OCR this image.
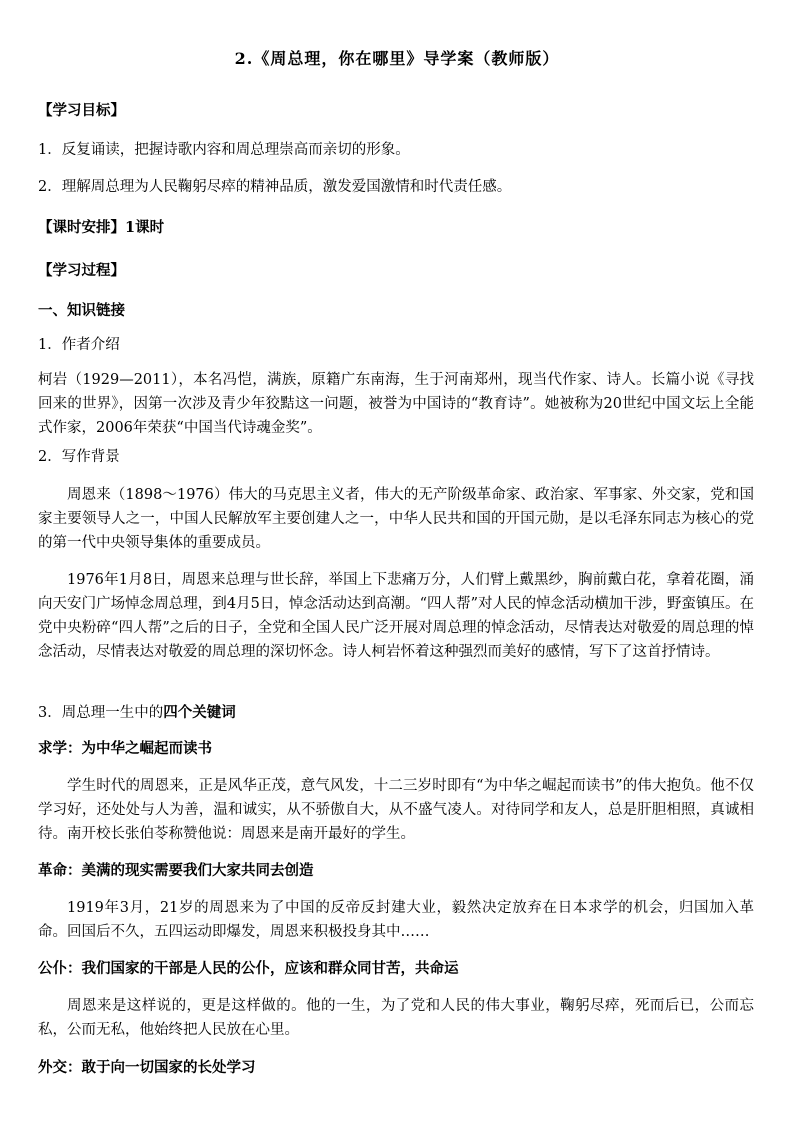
2.《周总理，你在哪里》导学案（教师版）
【学习目标】
1．反复诵读，把握诗歌内容和周总理崇高而亲切的形象。
2．理解周总理为人民鞠躬尽瘁的精神品质，激发爱国激情和时代责任感。
【课时安排】1课时
【学习过程】
一、知识链接
1．作者介绍
柯岩（1929—2011），本名冯恺，满族，原籍广东南海，生于河南郑州，现当代作家、诗人。长篇小说《寻找回来的世界》，因第一次涉及青少年狡黠这一问题，被誉为中国诗的“教育诗”。她被称为20世纪中国文坛上全能式作家，2006年荣获“中国当代诗魂金奖”。
2．写作背景
周恩来（1898～1976）伟大的马克思主义者，伟大的无产阶级革命家、政治家、军事家、外交家，党和国家主要领导人之一，中国人民解放军主要创建人之一，中华人民共和国的开国元勋，是以毛泽东同志为核心的党的第一代中央领导集体的重要成员。
1976年1月8日，周恩来总理与世长辞，举国上下悲痛万分，人们臂上戴黑纱，胸前戴白花，拿着花圈，涌向天安门广场悼念周总理，到4月5日，悼念活动达到高潮。“四人帮”对人民的悼念活动横加干涉，野蛮镇压。在党中央粉碎“四人帮”之后的日子，全党和全国人民广泛开展对周总理的悼念活动，尽情表达对敬爱的周总理的悼念活动，尽情表达对敬爱的周总理的深切怀念。诗人柯岩怀着这种强烈而美好的感情，写下了这首抒情诗。
3．周总理一生中的四个关键词
求学：为中华之崛起而读书
学生时代的周恩来，正是风华正茂，意气风发，十二三岁时即有“为中华之崛起而读书”的伟大抱负。他不仅学习好，还处处与人为善，温和诚实，从不骄傲自大，从不盛气凌人。对待同学和友人，总是肝胆相照，真诚相待。南开校长张伯苓称赞他说：周恩来是南开最好的学生。
革命：美满的现实需要我们大家共同去创造
1919年3月，21岁的周恩来为了中国的反帝反封建大业，毅然决定放弃在日本求学的机会，归国加入革命。回国后不久，五四运动即爆发，周恩来积极投身其中……
公仆：我们国家的干部是人民的公仆，应该和群众同甘苦，共命运
周恩来是这样说的，更是这样做的。他的一生，为了党和人民的伟大事业，鞠躬尽瘁，死而后已，公而忘私，公而无私，他始终把人民放在心里。
外交：敢于向一切国家的长处学习
